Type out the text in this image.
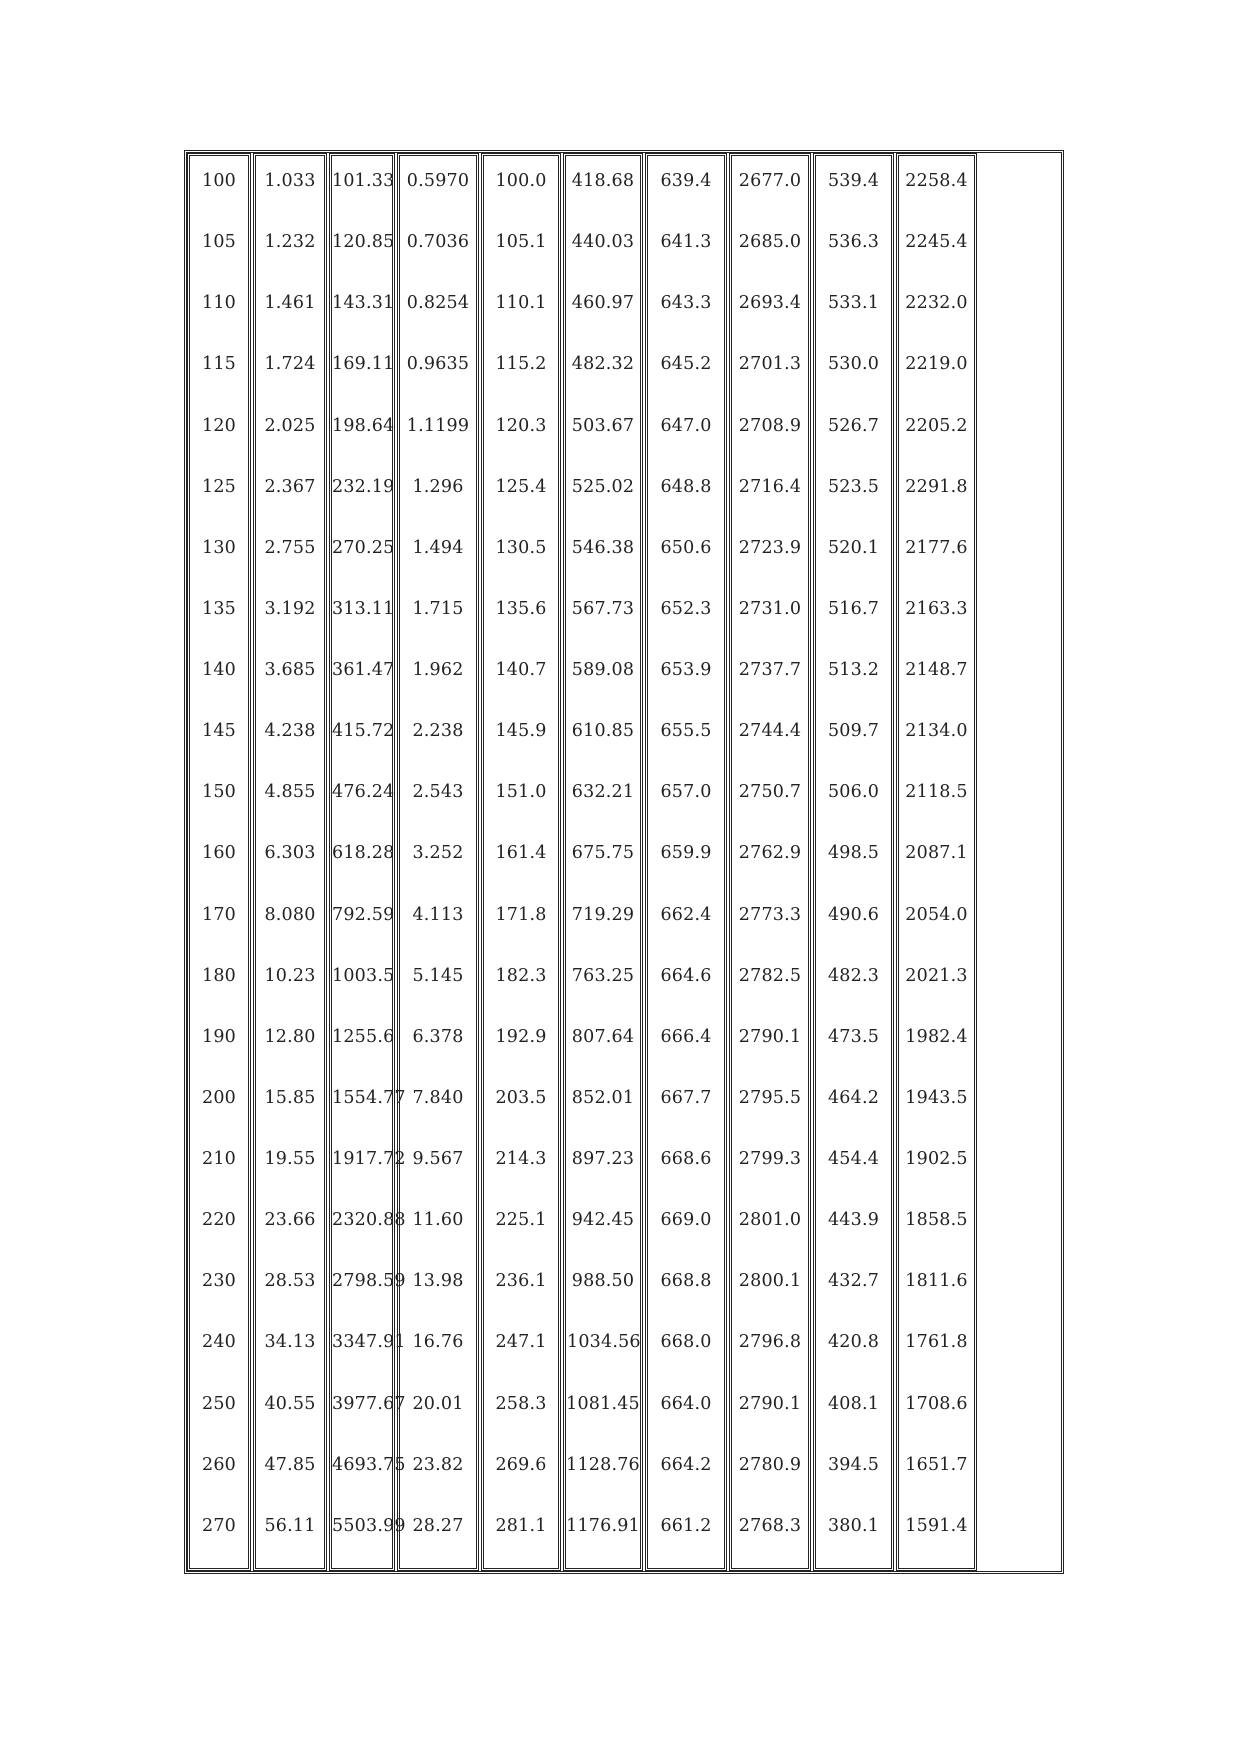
100
105
110
115
120
125
130
135
140
145
150
160
170
180
190
200
210
220
230
240
250
260
270
1.033
1.232
1.461
1.724
2.025
2.367
2.755
3.192
3.685
4.238
4.855
6.303
8.080
10.23
12.80
15.85
19.55
23.66
28.53
34.13
40.55
47.85
56.11
101.33
120.85
143.31
169.11
198.64
232.19
270.25
313.11
361.47
415.72
476.24
618.28
792.59
1003.5
1255.6
1554.77
1917.72
2320.88
2798.59
3347.91
3977.67
4693.75
5503.99
0.5970
0.7036
0.8254
0.9635
1.1199
1.296
1.494
1.715
1.962
2.238
2.543
3.252
4.113
5.145
6.378
7.840
9.567
11.60
13.98
16.76
20.01
23.82
28.27
100.0
105.1
110.1
115.2
120.3
125.4
130.5
135.6
140.7
145.9
151.0
161.4
171.8
182.3
192.9
203.5
214.3
225.1
236.1
247.1
258.3
269.6
281.1
418.68
440.03
460.97
482.32
503.67
525.02
546.38
567.73
589.08
610.85
632.21
675.75
719.29
763.25
807.64
852.01
897.23
942.45
988.50
1034.56
1081.45
1128.76
1176.91
639.4
641.3
643.3
645.2
647.0
648.8
650.6
652.3
653.9
655.5
657.0
659.9
662.4
664.6
666.4
667.7
668.6
669.0
668.8
668.0
664.0
664.2
661.2
2677.0
2685.0
2693.4
2701.3
2708.9
2716.4
2723.9
2731.0
2737.7
2744.4
2750.7
2762.9
2773.3
2782.5
2790.1
2795.5
2799.3
2801.0
2800.1
2796.8
2790.1
2780.9
2768.3
539.4
536.3
533.1
530.0
526.7
523.5
520.1
516.7
513.2
509.7
506.0
498.5
490.6
482.3
473.5
464.2
454.4
443.9
432.7
420.8
408.1
394.5
380.1
2258.4
2245.4
2232.0
2219.0
2205.2
2291.8
2177.6
2163.3
2148.7
2134.0
2118.5
2087.1
2054.0
2021.3
1982.4
1943.5
1902.5
1858.5
1811.6
1761.8
1708.6
1651.7
1591.4
